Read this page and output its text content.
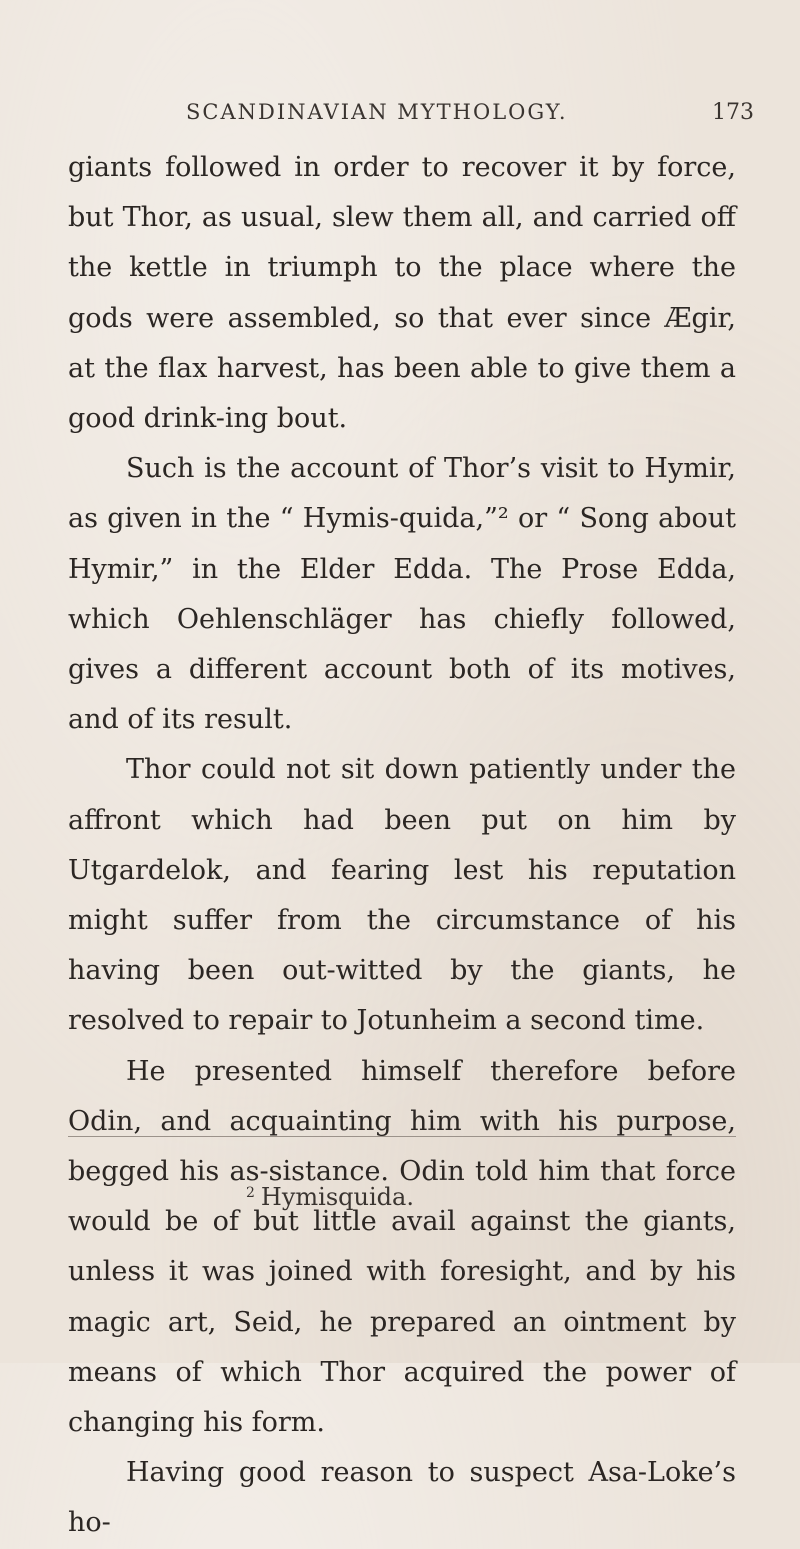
SCANDINAVIAN MYTHOLOGY.	173

giants followed in order to recover it by force, but Thor, as usual, slew them all, and carried off the kettle in triumph to the place where the gods were assembled, so that ever since Ægir, at the flax harvest, has been able to give them a good drink-ing bout.

Such is the account of Thor’s visit to Hymir, as given in the “ Hymis-quida,”² or “ Song about Hymir,” in the Elder Edda. The Prose Edda, which Oehlenschläger has chiefly followed, gives a different account both of its motives, and of its result.

Thor could not sit down patiently under the affront which had been put on him by Utgardelok, and fearing lest his reputation might suffer from the circumstance of his having been out-witted by the giants, he resolved to repair to Jotunheim a second time.

He presented himself therefore before Odin, and acquainting him with his purpose, begged his as-sistance. Odin told him that force would be of but little avail against the giants, unless it was joined with foresight, and by his magic art, Seid, he prepared an ointment by means of which Thor acquired the power of changing his form.

Having good reason to suspect Asa-Loke’s ho-

$^2$ Hymisquida.
